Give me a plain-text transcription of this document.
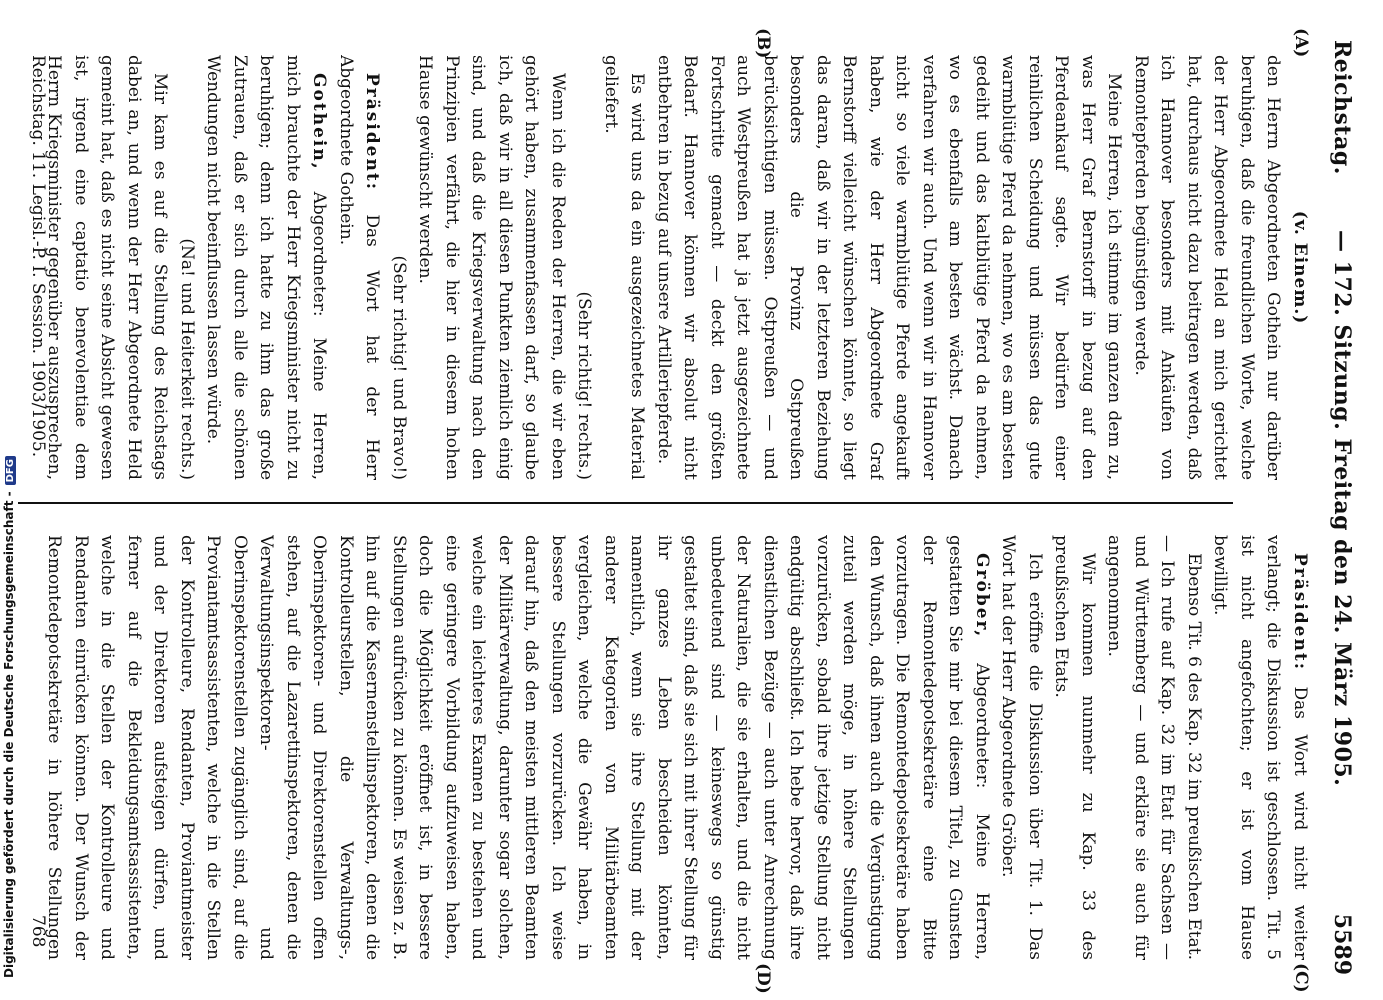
Digitalisierung gefördert durch die Deutsche Forschungsgemeinschaft -DFG
Reichstag.
— 172. Sitzung. Freitag den 24. März 1905.
5589
(A)
(B)
(C)
(D)

(v. Einem.)

den Herrn Abgeordneten Gothein nur darüber beruhigen, daß die freundlichen Worte, welche der Herr Abgeordnete Held an mich gerichtet hat, durchaus nicht dazu beitragen werden, daß ich Hannover besonders mit Ankäufen von Remontepferden begünstigen werde.

Meine Herren, ich stimme im ganzen dem zu, was Herr Graf Bernstorff in bezug auf den Pferdeankauf sagte. Wir bedürfen einer reinlichen Scheidung und müssen das gute warmblütige Pferd da nehmen, wo es am besten gedeiht und das kaltblütige Pferd da nehmen, wo es ebenfalls am besten wächst. Danach verfahren wir auch. Und wenn wir in Hannover nicht so viele warmblütige Pferde angekauft haben, wie der Herr Abgeordnete Graf Bernstorff vielleicht wünschen könnte, so liegt das daran, daß wir in der letzteren Beziehung besonders die Provinz Ostpreußen berücksichtigen müssen. Ostpreußen — und auch Westpreußen hat ja jetzt ausgezeichnete Fortschritte gemacht — deckt den größten Bedarf. Hannover können wir absolut nicht entbehren in bezug auf unsere Artilleriepferde.

Es wird uns da ein ausgezeichnetes Material geliefert.

(Sehr richtig! rechts.)

Wenn ich die Reden der Herren, die wir eben gehört haben, zusammenfassen darf, so glaube ich, daß wir in all diesen Punkten ziemlich einig sind, und daß die Kriegsverwaltung nach den Prinzipien verfährt, die hier in diesem hohen Hause gewünscht werden.

(Sehr richtig! und Bravo!)

Präsident: Das Wort hat der Herr Abgeordnete Gothein.

Gothein, Abgeordneter: Meine Herren, mich brauchte der Herr Kriegsminister nicht zu beruhigen; denn ich hatte zu ihm das große Zutrauen, daß er sich durch alle die schönen Wendungen nicht beeinflussen lassen würde.

(Na! und Heiterkeit rechts.)

Mir kam es auf die Stellung des Reichstags dabei an, und wenn der Herr Abgeordnete Held gemeint hat, daß es nicht seine Absicht gewesen ist, irgend eine captatio benevolentiae dem Herrn Kriegsminister gegenüber auszusprechen,

Präsident: Das Wort wird nicht weiter verlangt; die Diskussion ist geschlossen. Tit. 5 ist nicht angefochten; er ist vom Hause bewilligt.

Ebenso Tit. 6 des Kap. 32 im preußischen Etat. — Ich rufe auf Kap. 32 im Etat für Sachsen — und Württemberg — und erkläre sie auch für angenommen.

Wir kommen nunmehr zu Kap. 33 des preußischen Etats.

Ich eröffne die Diskussion über Tit. 1. Das Wort hat der Herr Abgeordnete Gröber.

Gröber, Abgeordneter: Meine Herren, gestatten Sie mir bei diesem Titel, zu Gunsten der Remontedepotsekretäre eine Bitte vorzutragen. Die Remontedepotsekretäre haben den Wunsch, daß ihnen auch die Vergünstigung zuteil werden möge, in höhere Stellungen vorzurücken, sobald ihre jetzige Stellung nicht endgültig abschließt. Ich hebe hervor, daß ihre dienstlichen Bezüge — auch unter Anrechnung der Naturalien, die sie erhalten, und die nicht unbedeutend sind — keineswegs so günstig gestaltet sind, daß sie sich mit ihrer Stellung für ihr ganzes Leben bescheiden könnten, namentlich, wenn sie ihre Stellung mit der anderer Kategorien von Militärbeamten vergleichen, welche die Gewähr haben, in bessere Stellungen vorzurücken. Ich weise darauf hin, daß den meisten mittleren Beamten der Militärverwaltung, darunter sogar solchen, welche ein leichteres Examen zu bestehen und eine geringere Vorbildung aufzuweisen haben, doch die Möglichkeit eröffnet ist, in bessere Stellungen aufrücken zu können. Es weisen z. B. hin auf die Kasernenstellinspektoren, denen die Kontrolleurstellen, die Verwaltungs-, Oberinspektoren- und Direktorenstellen offen stehen, auf die Lazarettinspektoren, denen die Verwaltungsinspektoren- und Oberinspektorenstellen zugänglich sind, auf die Proviantamtsassistenten, welche in die Stellen der Kontrolleure, Rendanten, Proviantmeister und der Direktoren aufsteigen dürfen, und ferner auf die Bekleidungsamtsassistenten, welche in die Stellen der Kontrolleure und Rendanten einrücken können. Der Wunsch der Remontedepotsekretäre in höhere Stellungen

Reichstag. 11. Legisl.-P. I. Session. 1903/1905.
768
